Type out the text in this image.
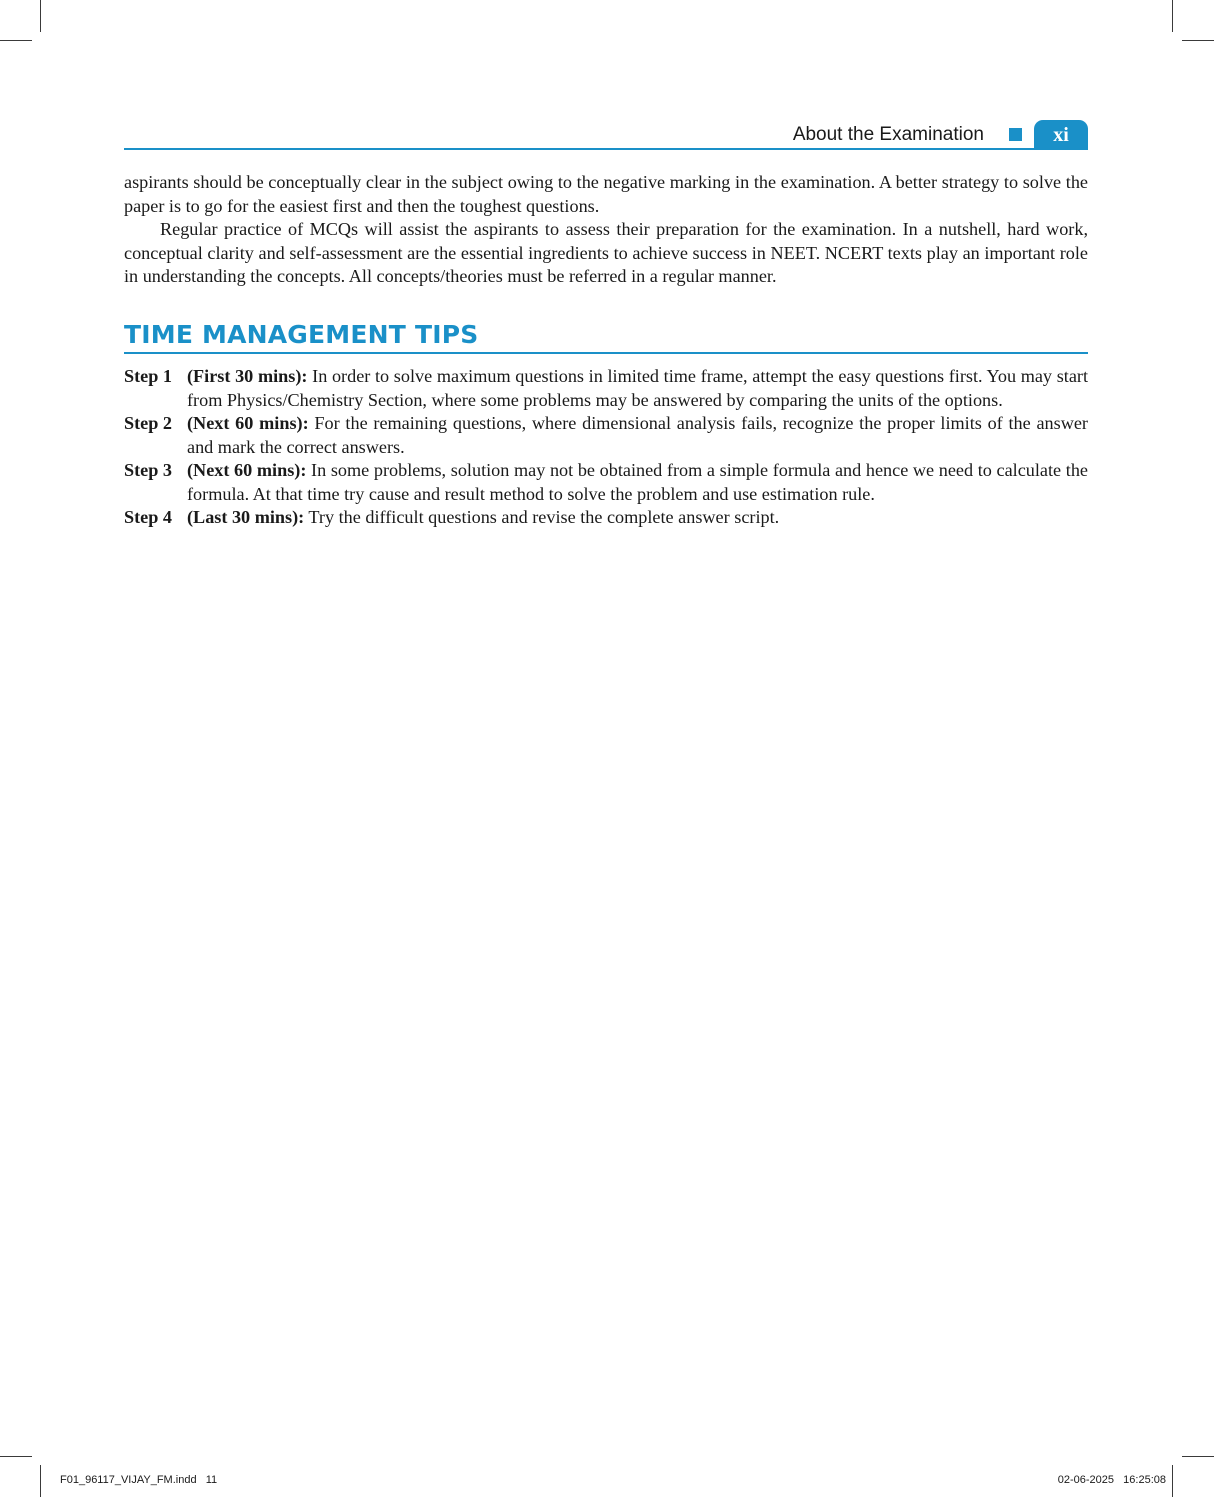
About the Examination	xi

aspirants should be conceptually clear in the subject owing to the negative marking in the examination. A better strategy to solve the paper is to go for the easiest first and then the toughest questions.

Regular practice of MCQs will assist the aspirants to assess their preparation for the examination. In a nutshell, hard work, conceptual clarity and self-assessment are the essential ingredients to achieve success in NEET. NCERT texts play an important role in understanding the concepts. All concepts/theories must be referred in a regular manner.

TIME MANAGEMENT TIPS
Step 1 (First 30 mins): In order to solve maximum questions in limited time frame, attempt the easy questions first. You may start from Physics/Chemistry Section, where some problems may be answered by comparing the units of the options.
Step 2 (Next 60 mins): For the remaining questions, where dimensional analysis fails, recognize the proper limits of the answer and mark the correct answers.
Step 3 (Next 60 mins): In some problems, solution may not be obtained from a simple formula and hence we need to calculate the formula. At that time try cause and result method to solve the problem and use estimation rule.
Step 4 (Last 30 mins): Try the difficult questions and revise the complete answer script.
F01_96117_VIJAY_FM.indd   11	02-06-2025   16:25:08
